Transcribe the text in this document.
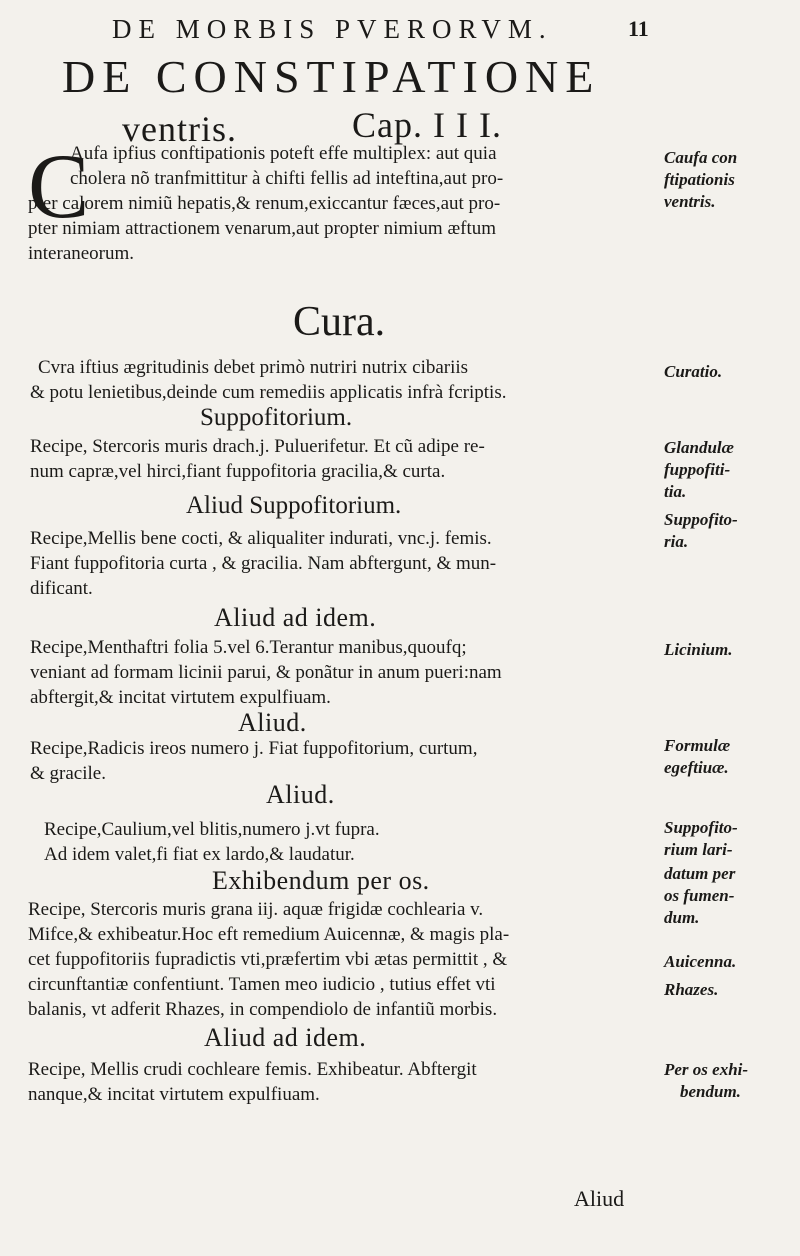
DE MORBIS PVERORVM.	11
DE CONSTIPATIONE
ventris.	Cap. I I I.
C
Aufa ipfius conftipationis poteft effe multiplex: aut quia
cholera nõ tranfmittitur à chifti fellis ad inteftina,aut pro-
pter calorem nimiũ hepatis,& renum,exiccantur fæces,aut pro-
pter nimiam attractionem venarum,aut propter nimium æftum
interaneorum.
Cura.
Cvra iftius ægritudinis debet primò nutriri nutrix cibariis
& potu lenietibus,deinde cum remediis applicatis infrà fcriptis.
Suppofitorium.
Recipe, Stercoris muris drach.j. Puluerifetur. Et cũ adipe re-
num capræ,vel hirci,fiant fuppofitoria gracilia,& curta.
Aliud Suppofitorium.
Recipe,Mellis bene cocti, & aliqualiter indurati, vnc.j. femis.
Fiant fuppofitoria curta , & gracilia. Nam abftergunt, & mun-
dificant.
Aliud ad idem.
Recipe,Menthaftri folia 5.vel 6.Terantur manibus,quoufq;
veniant ad formam licinii parui, & ponãtur in anum pueri:nam
abftergit,& incitat virtutem expulfiuam.
Aliud.
Recipe,Radicis ireos numero j. Fiat fuppofitorium, curtum,
& gracile.
Aliud.
Recipe,Caulium,vel blitis,numero j.vt fupra.
Ad idem valet,fi fiat ex lardo,& laudatur.
Exhibendum per os.
Recipe, Stercoris muris grana iij. aquæ frigidæ cochlearia v.
Mifce,& exhibeatur.Hoc eft remedium Auicennæ, & magis pla-
cet fuppofitoriis fupradictis vti,præfertim vbi ætas permittit , &
circunftantiæ confentiunt. Tamen meo iudicio , tutius effet vti
balanis, vt adferit Rhazes, in compendiolo de infantiũ morbis.
Aliud ad idem.
Recipe, Mellis crudi cochleare femis. Exhibeatur. Abftergit
nanque,& incitat virtutem expulfiuam.
Caufa con
ftipationis
ventris.
Curatio.
Glandulæ
fuppofiti-
tia.
Suppofito-
ria.
Licinium.
Formulæ
egeftiuæ.
Suppofito-
rium lari-
datum per
os fumen-
dum.
Auicenna.
Rhazes.
Per os exhi-
bendum.
Aliud
